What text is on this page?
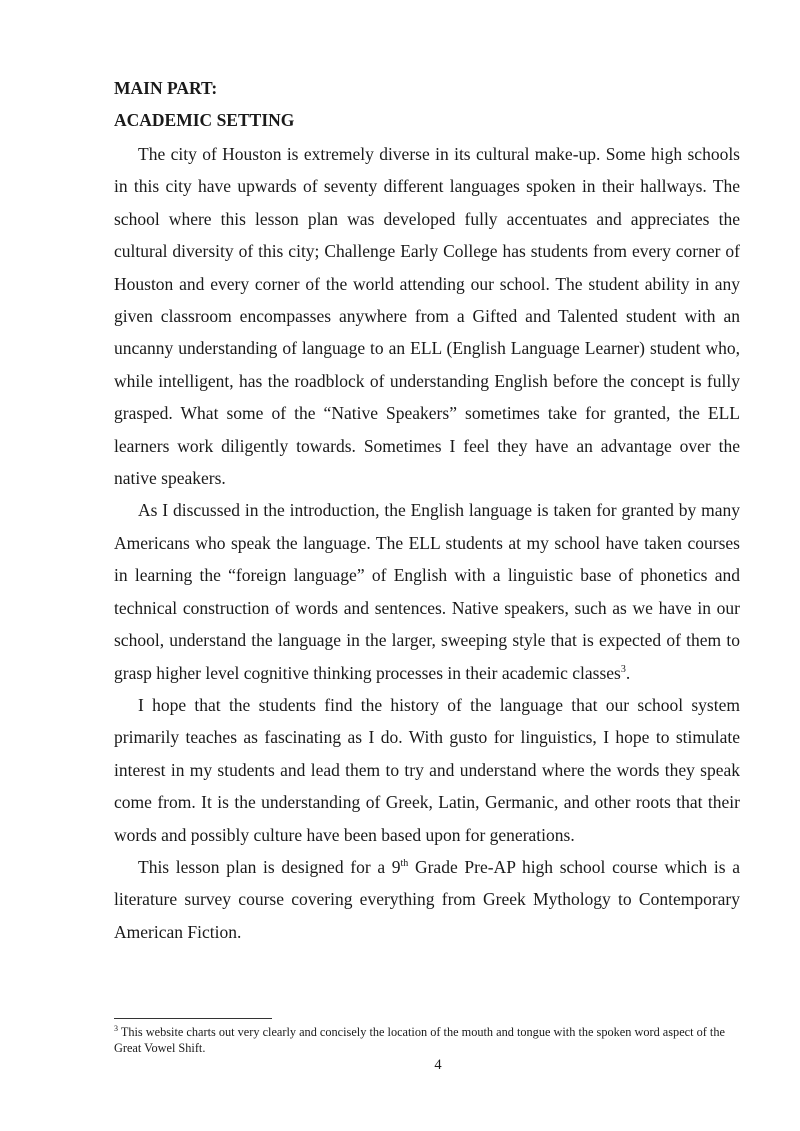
MAIN PART:
ACADEMIC SETTING

The city of Houston is extremely diverse in its cultural make-up. Some high schools in this city have upwards of seventy different languages spoken in their hallways. The school where this lesson plan was developed fully accentuates and appreciates the cultural diversity of this city; Challenge Early College has students from every corner of Houston and every corner of the world attending our school. The student ability in any given classroom encompasses anywhere from a Gifted and Talented student with an uncanny understanding of language to an ELL (English Language Learner) student who, while intelligent, has the roadblock of understanding English before the concept is fully grasped. What some of the “Native Speakers” sometimes take for granted, the ELL learners work diligently towards. Sometimes I feel they have an advantage over the native speakers.

As I discussed in the introduction, the English language is taken for granted by many Americans who speak the language. The ELL students at my school have taken courses in learning the “foreign language” of English with a linguistic base of phonetics and technical construction of words and sentences. Native speakers, such as we have in our school, understand the language in the larger, sweeping style that is expected of them to grasp higher level cognitive thinking processes in their academic classes$^3$.

I hope that the students find the history of the language that our school system primarily teaches as fascinating as I do. With gusto for linguistics, I hope to stimulate interest in my students and lead them to try and understand where the words they speak come from. It is the understanding of Greek, Latin, Germanic, and other roots that their words and possibly culture have been based upon for generations.

This lesson plan is designed for a 9th Grade Pre-AP high school course which is a literature survey course covering everything from Greek Mythology to Contemporary American Fiction.

$^3$ This website charts out very clearly and concisely the location of the mouth and tongue with the spoken word aspect of the Great Vowel Shift.
4
